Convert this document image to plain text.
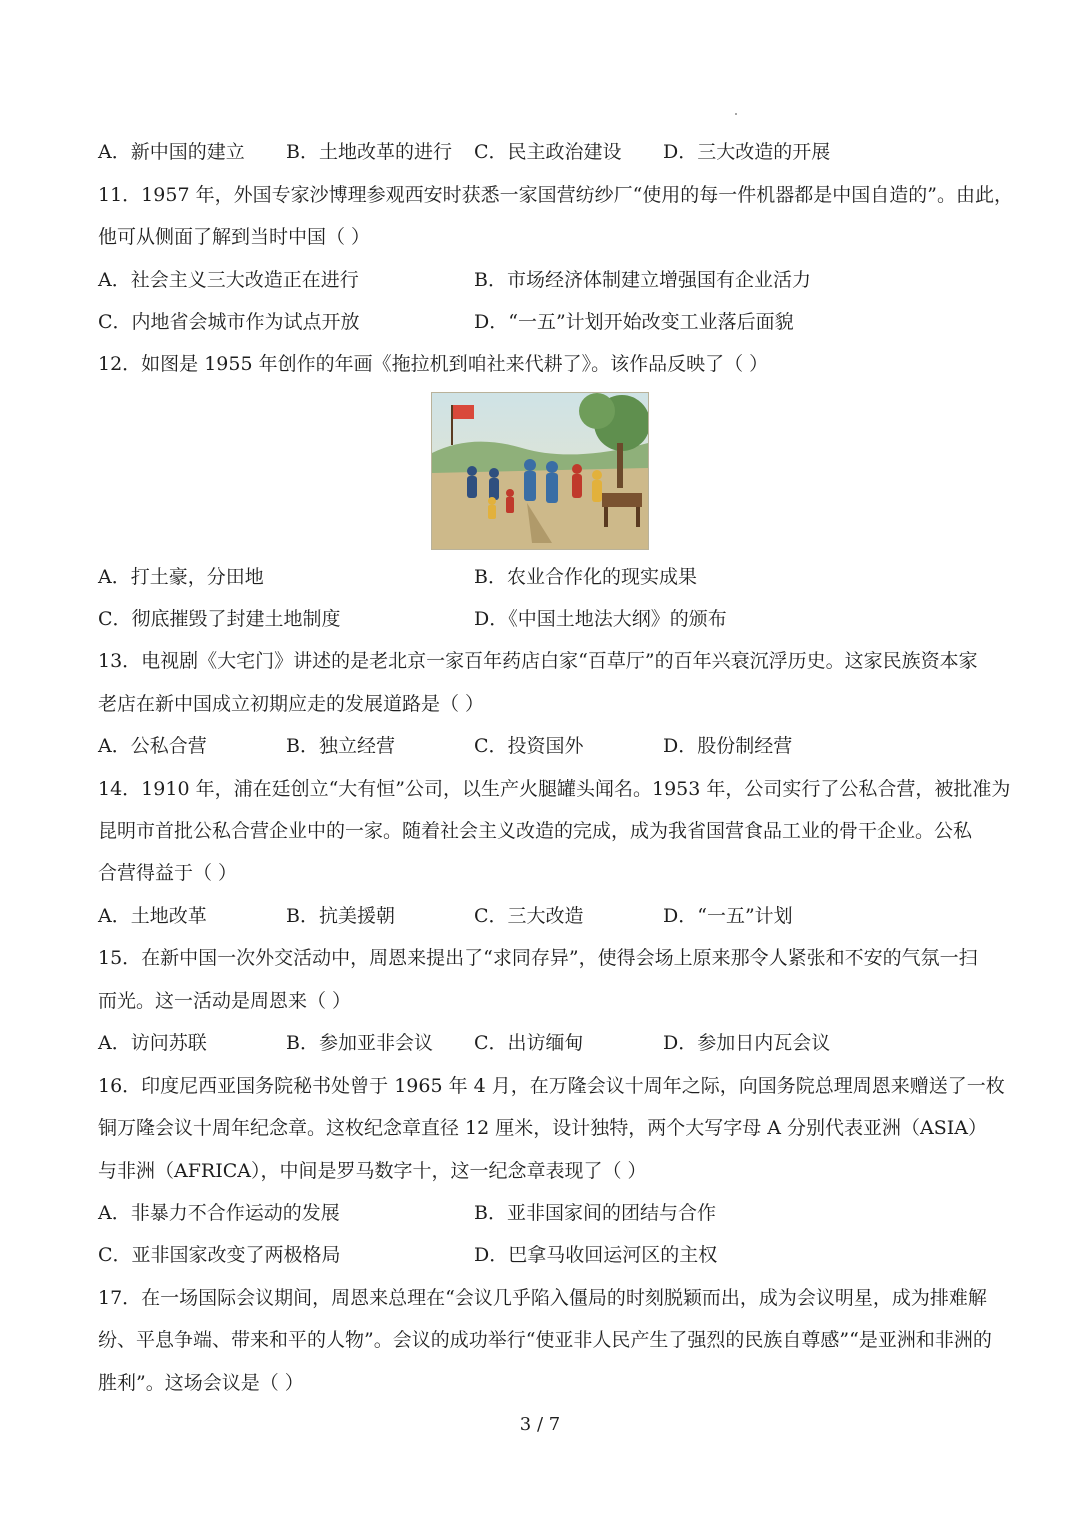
A．新中国的建立 B．土地改革的进行 C．民主政治建设 D．三大改造的开展
11．1957 年，外国专家沙博理参观西安时获悉一家国营纺纱厂“使用的每一件机器都是中国自造的”。由此，
他可从侧面了解到当时中国（ ）
A．社会主义三大改造正在进行	B．市场经济体制建立增强国有企业活力
C．内地省会城市作为试点开放	D．“一五”计划开始改变工业落后面貌
12．如图是 1955 年创作的年画《拖拉机到咱社来代耕了》。该作品反映了（ ）
A．打土豪，分田地	B．农业合作化的现实成果
C．彻底摧毁了封建土地制度	D．《中国土地法大纲》的颁布
13．电视剧《大宅门》讲述的是老北京一家百年药店白家“百草厅”的百年兴衰沉浮历史。这家民族资本家
老店在新中国成立初期应走的发展道路是（ ）
A．公私合营	B．独立经营	C．投资国外	D．股份制经营
14．1910 年，浦在廷创立“大有恒”公司，以生产火腿罐头闻名。1953 年，公司实行了公私合营，被批准为
昆明市首批公私合营企业中的一家。随着社会主义改造的完成，成为我省国营食品工业的骨干企业。公私
合营得益于（ ）
A．土地改革	B．抗美援朝	C．三大改造	D．“一五”计划
15．在新中国一次外交活动中，周恩来提出了“求同存异”，使得会场上原来那令人紧张和不安的气氛一扫
而光。这一活动是周恩来（ ）
A．访问苏联	B．参加亚非会议 C．出访缅甸	D．参加日内瓦会议
16．印度尼西亚国务院秘书处曾于 1965 年 4 月，在万隆会议十周年之际，向国务院总理周恩来赠送了一枚
铜万隆会议十周年纪念章。这枚纪念章直径 12 厘米，设计独特，两个大写字母 A 分别代表亚洲（ASIA）
与非洲（AFRICA），中间是罗马数字十，这一纪念章表现了（ ）
A．非暴力不合作运动的发展	B．亚非国家间的团结与合作
C．亚非国家改变了两极格局	D．巴拿马收回运河区的主权
17．在一场国际会议期间，周恩来总理在“会议几乎陷入僵局的时刻脱颖而出，成为会议明星，成为排难解
纷、平息争端、带来和平的人物”。会议的成功举行“使亚非人民产生了强烈的民族自尊感”“是亚洲和非洲的
胜利”。这场会议是（ ）
3 / 7
